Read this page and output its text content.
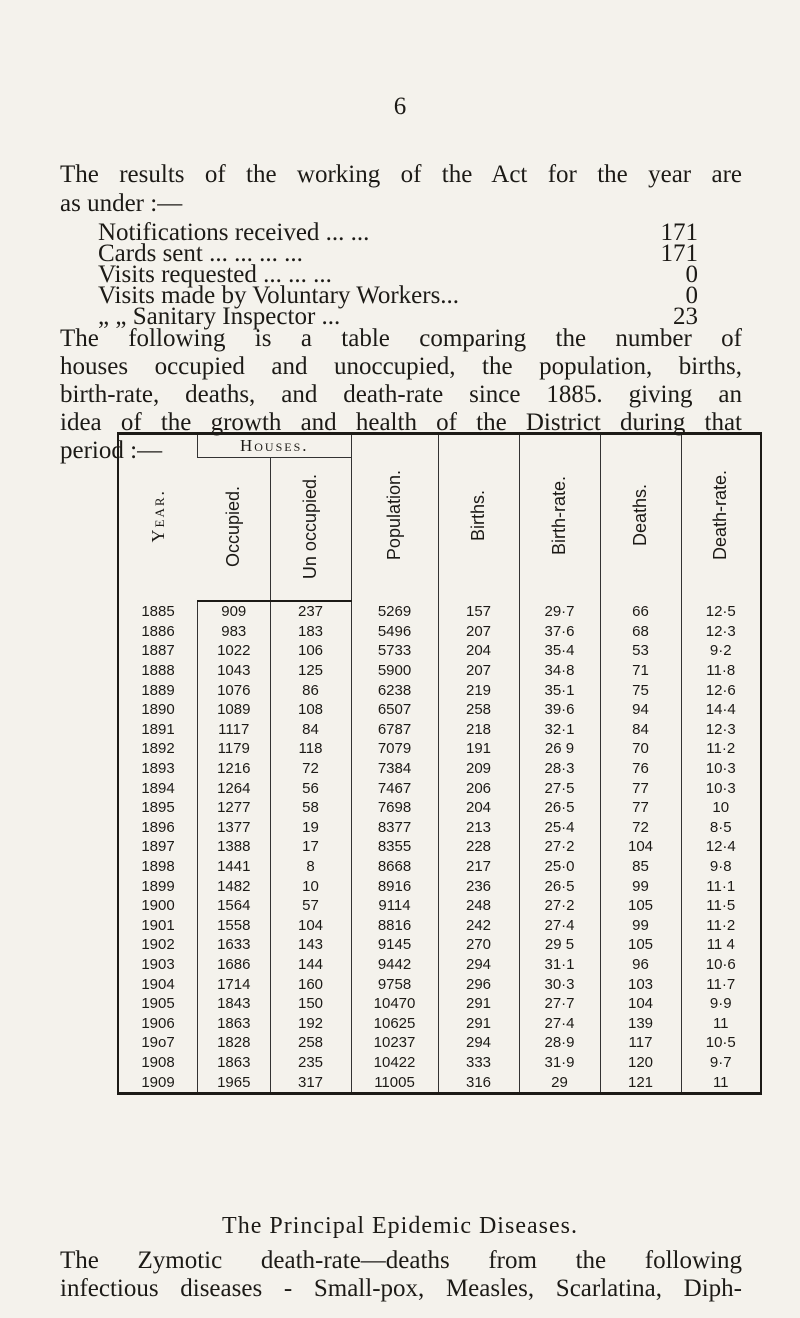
6

The results of the working of the Act for the year are

as under :—

Notifications received ... ...	171
Cards sent ... ... ... ...	171
Visits requested ... ... ...	0
Visits made by Voluntary Workers...	0
„ „ Sanitary Inspector ...	23
The following is a table comparing the number of
houses occupied and unoccupied, the population, births,
birth-rate, deaths, and death-rate since 1885. giving an
idea of the growth and health of the District during that
period :—
Year.	Houses.		Population.	Births.	Birth-rate.	Deaths.	Death-rate.
	Occupied.	Un occupied.					
1885	909	237	5269	157	29·7	66	12·5
1886	983	183	5496	207	37·6	68	12·3
1887	1022	106	5733	204	35·4	53	9·2
1888	1043	125	5900	207	34·8	71	11·8
1889	1076	86	6238	219	35·1	75	12·6
1890	1089	108	6507	258	39·6	94	14·4
1891	1117	84	6787	218	32·1	84	12·3
1892	1179	118	7079	191	26 9	70	11·2
1893	1216	72	7384	209	28·3	76	10·3
1894	1264	56	7467	206	27·5	77	10·3
1895	1277	58	7698	204	26·5	77	10
1896	1377	19	8377	213	25·4	72	8·5
1897	1388	17	8355	228	27·2	104	12·4
1898	1441	8	8668	217	25·0	85	9·8
1899	1482	10	8916	236	26·5	99	11·1
1900	1564	57	9114	248	27·2	105	11·5
1901	1558	104	8816	242	27·4	99	11·2
1902	1633	143	9145	270	29 5	105	11 4
1903	1686	144	9442	294	31·1	96	10·6
1904	1714	160	9758	296	30·3	103	11·7
1905	1843	150	10470	291	27·7	104	9·9
1906	1863	192	10625	291	27·4	139	11
19o7	1828	258	10237	294	28·9	117	10·5
1908	1863	235	10422	333	31·9	120	9·7
1909	1965	317	11005	316	29	121	11
The Principal Epidemic Diseases.
The Zymotic death-rate—deaths from the following
infectious diseases - Small-pox, Measles, Scarlatina, Diph-
